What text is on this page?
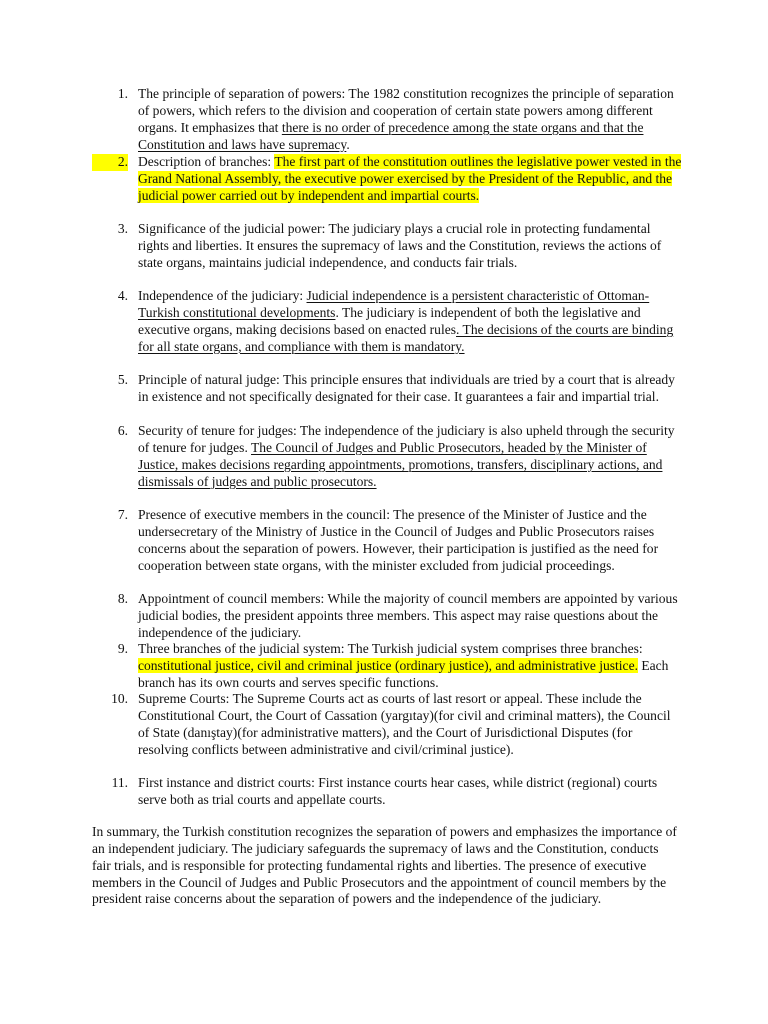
1. The principle of separation of powers: The 1982 constitution recognizes the principle of separation of powers, which refers to the division and cooperation of certain state powers among different organs. It emphasizes that there is no order of precedence among the state organs and that the Constitution and laws have supremacy.
2. Description of branches: The first part of the constitution outlines the legislative power vested in the Grand National Assembly, the executive power exercised by the President of the Republic, and the judicial power carried out by independent and impartial courts.
3. Significance of the judicial power: The judiciary plays a crucial role in protecting fundamental rights and liberties. It ensures the supremacy of laws and the Constitution, reviews the actions of state organs, maintains judicial independence, and conducts fair trials.
4. Independence of the judiciary: Judicial independence is a persistent characteristic of Ottoman-Turkish constitutional developments. The judiciary is independent of both the legislative and executive organs, making decisions based on enacted rules. The decisions of the courts are binding for all state organs, and compliance with them is mandatory.
5. Principle of natural judge: This principle ensures that individuals are tried by a court that is already in existence and not specifically designated for their case. It guarantees a fair and impartial trial.
6. Security of tenure for judges: The independence of the judiciary is also upheld through the security of tenure for judges. The Council of Judges and Public Prosecutors, headed by the Minister of Justice, makes decisions regarding appointments, promotions, transfers, disciplinary actions, and dismissals of judges and public prosecutors.
7. Presence of executive members in the council: The presence of the Minister of Justice and the undersecretary of the Ministry of Justice in the Council of Judges and Public Prosecutors raises concerns about the separation of powers. However, their participation is justified as the need for cooperation between state organs, with the minister excluded from judicial proceedings.
8. Appointment of council members: While the majority of council members are appointed by various judicial bodies, the president appoints three members. This aspect may raise questions about the independence of the judiciary.
9. Three branches of the judicial system: The Turkish judicial system comprises three branches: constitutional justice, civil and criminal justice (ordinary justice), and administrative justice. Each branch has its own courts and serves specific functions.
10. Supreme Courts: The Supreme Courts act as courts of last resort or appeal. These include the Constitutional Court, the Court of Cassation (yargıtay)(for civil and criminal matters), the Council of State (danıştay)(for administrative matters), and the Court of Jurisdictional Disputes (for resolving conflicts between administrative and civil/criminal justice).
11. First instance and district courts: First instance courts hear cases, while district (regional) courts serve both as trial courts and appellate courts.
In summary, the Turkish constitution recognizes the separation of powers and emphasizes the importance of an independent judiciary. The judiciary safeguards the supremacy of laws and the Constitution, conducts fair trials, and is responsible for protecting fundamental rights and liberties. The presence of executive members in the Council of Judges and Public Prosecutors and the appointment of council members by the president raise concerns about the separation of powers and the independence of the judiciary.
